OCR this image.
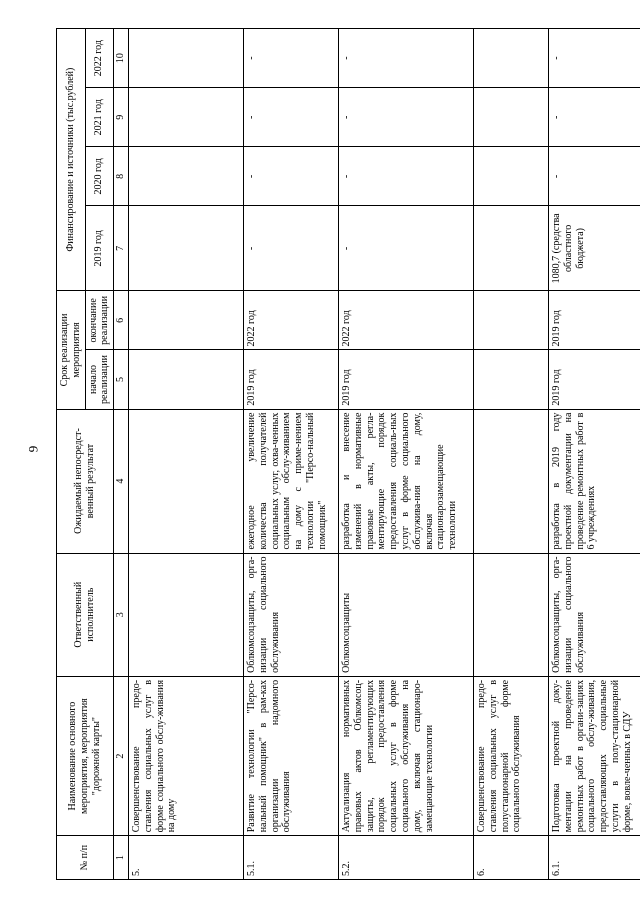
9
№ п/п	Наименование основного мероприятия, мероприятия "дорожной карты"	Ответственный исполнитель	Ожидаемый непосредст-венный результат	Срок реализации мероприятия		Финансирование и источники (тыс.рублей)			
				начало реализации	окончание реализации	2019 год	2020 год	2021 год	2022 год
1	2	3	4	5	6	7	8	9	10
5.	Совершенствование предо-ставления социальных услуг в форме социального обслу-живания на дому								
5.1.	Развитие технологии "Персо-нальный помощник" в рам-ках организации надомного обслуживания	Облкомсоцзащиты, орга-низации социального обслуживания	ежегодное увеличение количества получателей социальных услуг, охва-ченных социальным обслу-живанием на дому с приме-нением технологии "Персо-нальный помощник"	2019 год	2022 год	-	-	-	-
5.2.	Актуализация нормативных правовых актов Облкомсоц-защиты, регламентирующих порядок предоставления социальных услуг в форме социального обслуживания на дому, включая стационаро-замещающие технологии	Облкомсоцзащиты	разработка и внесение изменений в нормативные правовые акты, регла-ментирующие порядок предоставления социаль-ных услуг в форме социального обслужива-ния на дому, включая стационарозамещающие технологии	2019 год	2022 год	-	-	-	-
6.	Совершенствование предо-ставления социальных услуг в полустационарной форме социального обслуживания								
6.1.	Подготовка проектной доку-ментации на проведение ремонтных работ в органи-зациях социального обслу-живания, предоставляющих социальные услуги в полу-стационарной форме, вовле-ченных в СДУ	Облкомсоцзащиты, орга-низации социального обслуживания	разработка в 2019 году проектной документации на проведение ремонтных работ в 6 учреждениях	2019 год	2019 год	1080,7 (средства областного бюджета)	-	-	-
